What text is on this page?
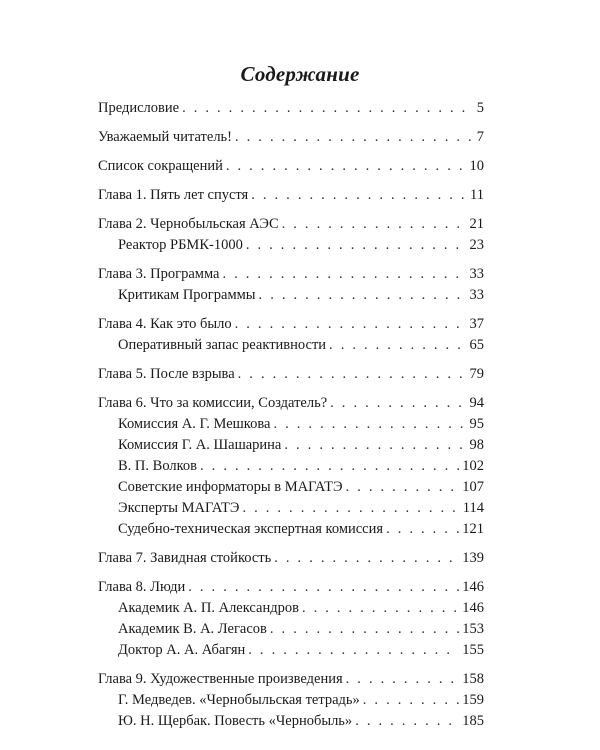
Содержание
Предисловие . . .	5
Уважаемый читатель! . . .	7
Список сокращений . . .	10
Глава 1. Пять лет спустя . . .	11
Глава 2. Чернобыльская АЭС . . .	21
Реактор РБМК-1000 . . .	23
Глава 3. Программа . . .	33
Критикам Программы . . .	33
Глава 4. Как это было . . .	37
Оперативный запас реактивности . . .	65
Глава 5. После взрыва . . .	79
Глава 6. Что за комиссии, Создатель? . . .	94
Комиссия А. Г. Мешкова . . .	95
Комиссия Г. А. Шашарина . . .	98
В. П. Волков . . .	102
Советские информаторы в МАГАТЭ . . .	107
Эксперты МАГАТЭ . . .	114
Судебно-техническая экспертная комиссия . . .	121
Глава 7. Завидная стойкость . . .	139
Глава 8. Люди . . .	146
Академик А. П. Александров . . .	146
Академик В. А. Легасов . . .	153
Доктор А. А. Абагян . . .	155
Глава 9. Художественные произведения . . .	158
Г. Медведев. «Чернобыльская тетрадь» . . .	159
Ю. Н. Щербак. Повесть «Чернобыль» . . .	185
